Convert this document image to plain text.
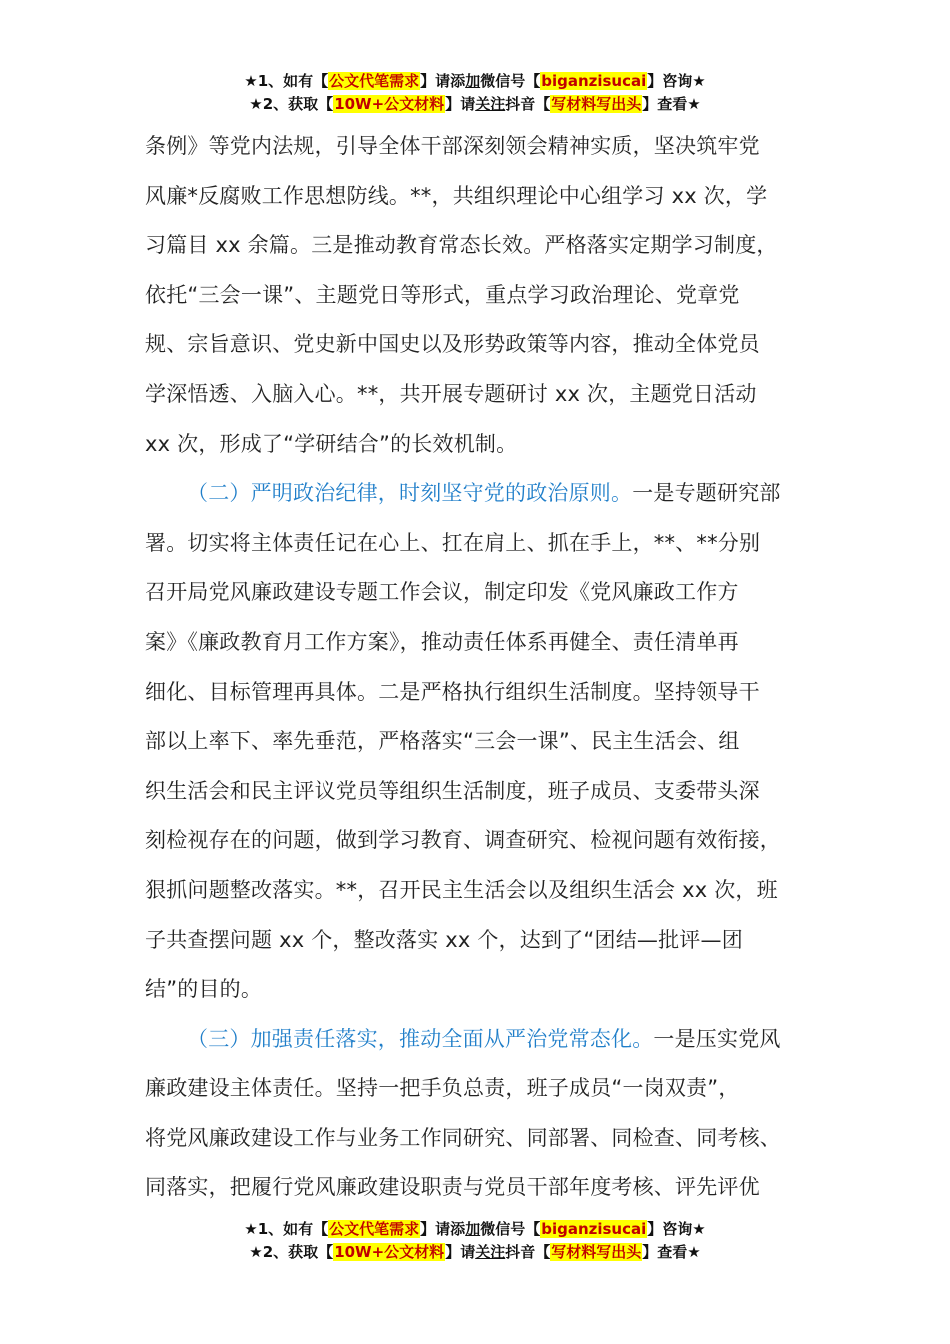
★1、如有【公文代笔需求】请添加微信号【biganzisucai】咨询★
★2、获取【10W+公文材料】请关注抖音【写材料写出头】查看★
条例》等党内法规，引导全体干部深刻领会精神实质，坚决筑牢党
风廉*反腐败工作思想防线。**，共组织理论中心组学习 xx 次，学
习篇目 xx 余篇。三是推动教育常态长效。严格落实定期学习制度，
依托“三会一课”、主题党日等形式，重点学习政治理论、党章党
规、宗旨意识、党史新中国史以及形势政策等内容，推动全体党员
学深悟透、入脑入心。**，共开展专题研讨 xx 次，主题党日活动
xx 次，形成了“学研结合”的长效机制。
（二）严明政治纪律，时刻坚守党的政治原则。一是专题研究部
署。切实将主体责任记在心上、扛在肩上、抓在手上，**、**分别
召开局党风廉政建设专题工作会议，制定印发《党风廉政工作方
案》《廉政教育月工作方案》，推动责任体系再健全、责任清单再
细化、目标管理再具体。二是严格执行组织生活制度。坚持领导干
部以上率下、率先垂范，严格落实“三会一课”、民主生活会、组
织生活会和民主评议党员等组织生活制度，班子成员、支委带头深
刻检视存在的问题，做到学习教育、调查研究、检视问题有效衔接，
狠抓问题整改落实。**，召开民主生活会以及组织生活会 xx 次，班
子共查摆问题 xx 个，整改落实 xx 个，达到了“团结—批评—团
结”的目的。
（三）加强责任落实，推动全面从严治党常态化。一是压实党风
廉政建设主体责任。坚持一把手负总责，班子成员“一岗双责”，
将党风廉政建设工作与业务工作同研究、同部署、同检查、同考核、
同落实，把履行党风廉政建设职责与党员干部年度考核、评先评优
★1、如有【公文代笔需求】请添加微信号【biganzisucai】咨询★
★2、获取【10W+公文材料】请关注抖音【写材料写出头】查看★
